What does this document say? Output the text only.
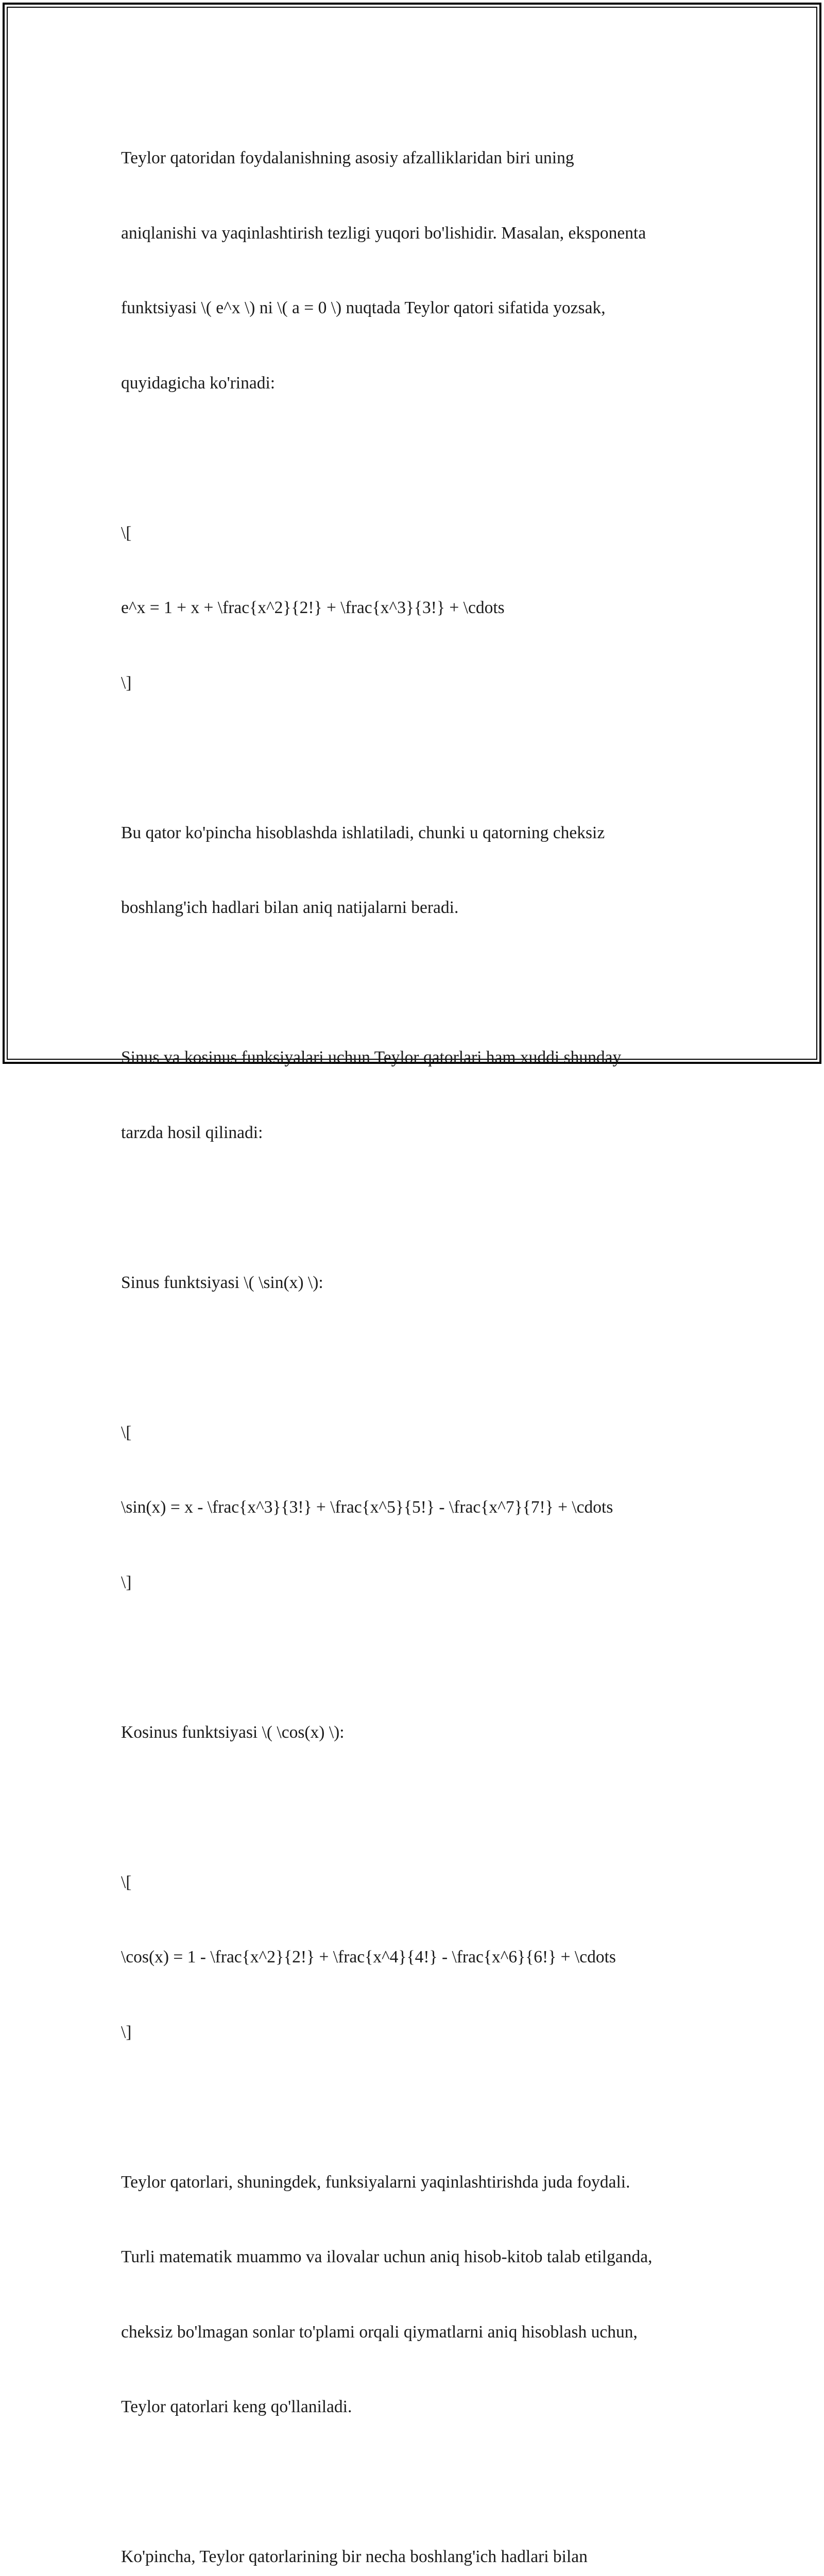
Teylor qatoridan foydalanishning asosiy afzalliklaridan biri uning

aniqlanishi va yaqinlashtirish tezligi yuqori bo'lishidir. Masalan, eksponenta

funktsiyasi \( e^x \) ni \( a = 0 \) nuqtada Teylor qatori sifatida yozsak,

quyidagicha ko'rinadi:

\[

e^x = 1 + x + \frac{x^2}{2!} + \frac{x^3}{3!} + \cdots

\]

Bu qator ko'pincha hisoblashda ishlatiladi, chunki u qatorning cheksiz

boshlang'ich hadlari bilan aniq natijalarni beradi.

Sinus va kosinus funksiyalari uchun Teylor qatorlari ham xuddi shunday

tarzda hosil qilinadi:

Sinus funktsiyasi \( \sin(x) \):

\[

\sin(x) = x - \frac{x^3}{3!} + \frac{x^5}{5!} - \frac{x^7}{7!} + \cdots

\]

Kosinus funktsiyasi \( \cos(x) \):

\[

\cos(x) = 1 - \frac{x^2}{2!} + \frac{x^4}{4!} - \frac{x^6}{6!} + \cdots

\]

Teylor qatorlari, shuningdek, funksiyalarni yaqinlashtirishda juda foydali.

Turli matematik muammo va ilovalar uchun aniq hisob-kitob talab etilganda,

cheksiz bo'lmagan sonlar to'plami orqali qiymatlarni aniq hisoblash uchun,

Teylor qatorlari keng qo'llaniladi.

Ko'pincha, Teylor qatorlarining bir necha boshlang'ich hadlari bilan
